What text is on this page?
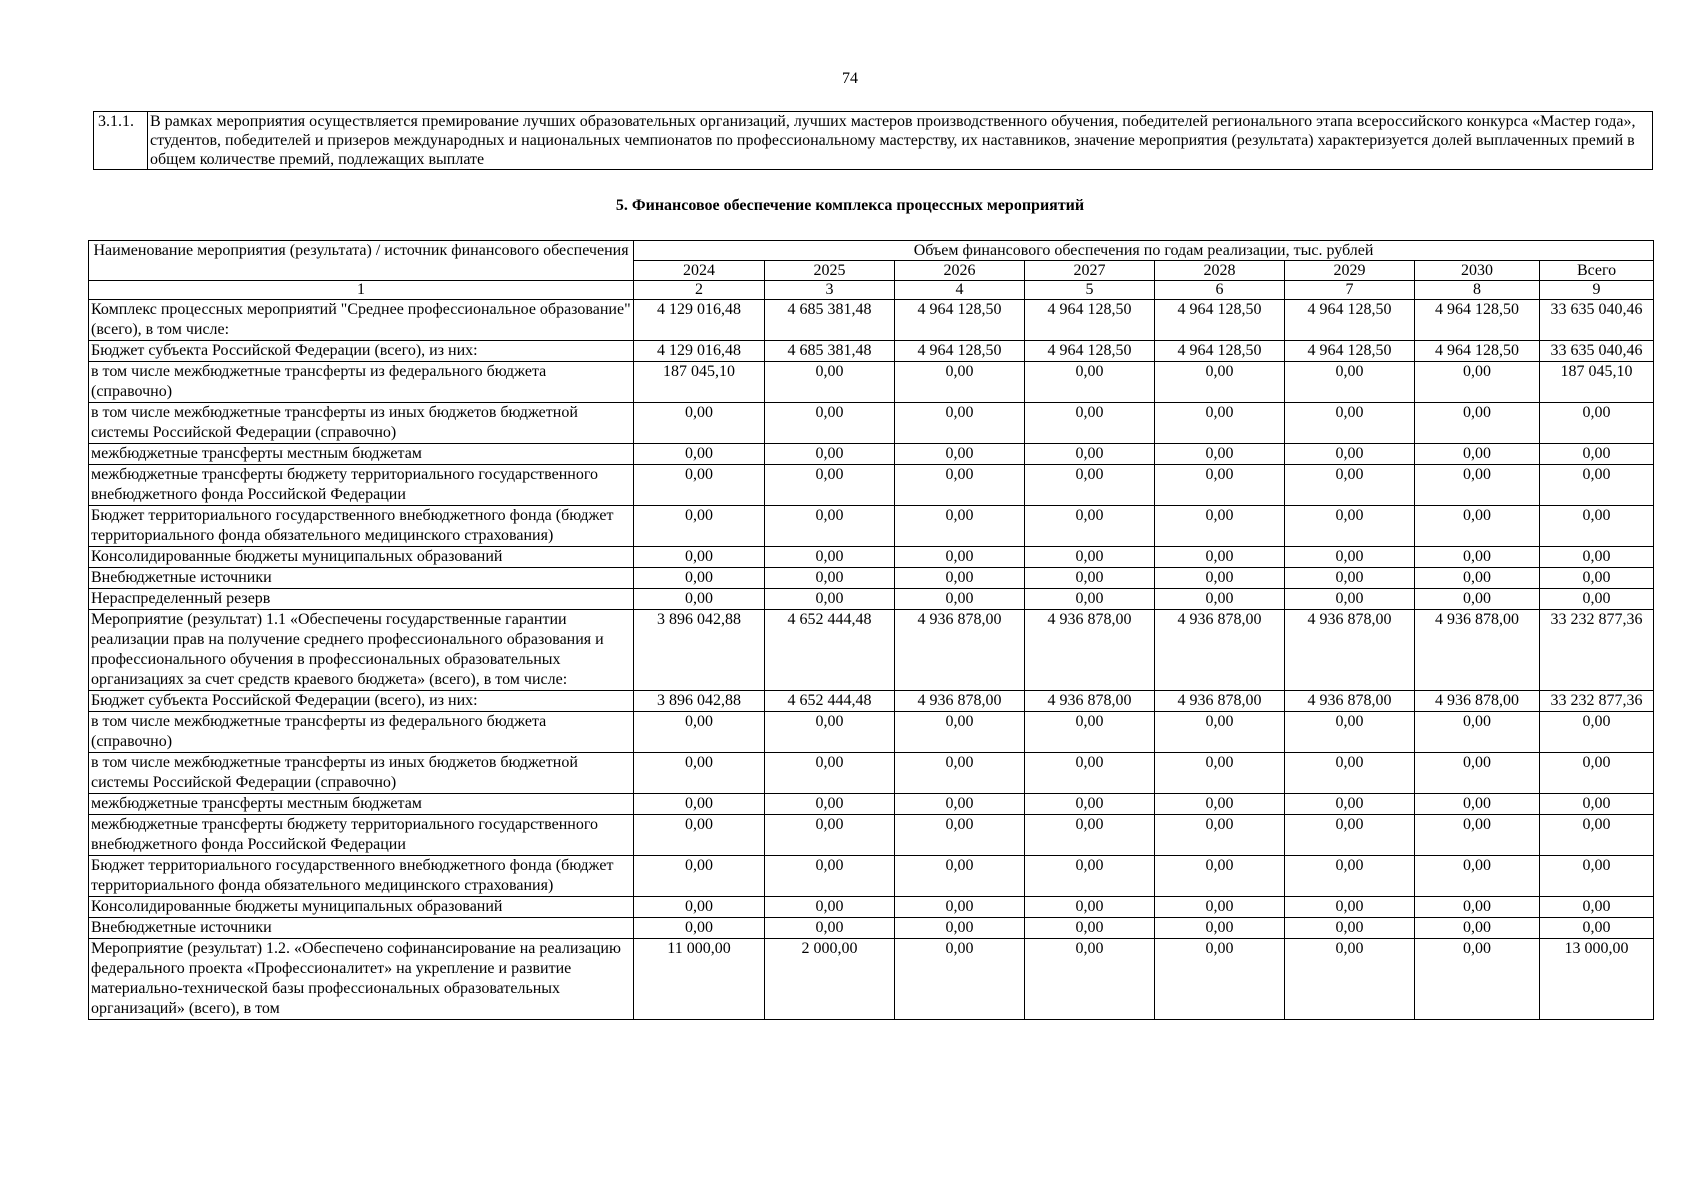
74
3.1.1.	В рамках мероприятия осуществляется премирование лучших образовательных организаций, лучших мастеров производственного обучения, победителей регионального этапа всероссийского конкурса «Мастер года», студентов, победителей и призеров международных и национальных чемпионатов по профессиональному мастерству, их наставников, значение мероприятия (результата) характеризуется долей выплаченных премий в общем количестве премий, подлежащих выплате
5. Финансовое обеспечение комплекса процессных мероприятий
Наименование мероприятия (результата) / источник финансового обеспечения	Объем финансового обеспечения по годам реализации, тыс. рублей							
	2024	2025	2026	2027	2028	2029	2030	Всего
1	2	3	4	5	6	7	8	9
Комплекс процессных мероприятий "Среднее профессиональное образование" (всего), в том числе:	4 129 016,48	4 685 381,48	4 964 128,50	4 964 128,50	4 964 128,50	4 964 128,50	4 964 128,50	33 635 040,46
Бюджет субъекта Российской Федерации (всего), из них:	4 129 016,48	4 685 381,48	4 964 128,50	4 964 128,50	4 964 128,50	4 964 128,50	4 964 128,50	33 635 040,46
в том числе межбюджетные трансферты из федерального бюджета (справочно)	187 045,10	0,00	0,00	0,00	0,00	0,00	0,00	187 045,10
в том числе межбюджетные трансферты из иных бюджетов бюджетной системы Российской Федерации (справочно)	0,00	0,00	0,00	0,00	0,00	0,00	0,00	0,00
межбюджетные трансферты местным бюджетам	0,00	0,00	0,00	0,00	0,00	0,00	0,00	0,00
межбюджетные трансферты бюджету территориального государственного внебюджетного фонда Российской Федерации	0,00	0,00	0,00	0,00	0,00	0,00	0,00	0,00
Бюджет территориального государственного внебюджетного фонда (бюджет территориального фонда обязательного медицинского страхования)	0,00	0,00	0,00	0,00	0,00	0,00	0,00	0,00
Консолидированные бюджеты муниципальных образований	0,00	0,00	0,00	0,00	0,00	0,00	0,00	0,00
Внебюджетные источники	0,00	0,00	0,00	0,00	0,00	0,00	0,00	0,00
Нераспределенный резерв	0,00	0,00	0,00	0,00	0,00	0,00	0,00	0,00
Мероприятие (результат) 1.1 «Обеспечены государственные гарантии реализации прав на получение среднего профессионального образования и профессионального обучения в профессиональных образовательных организациях за счет средств краевого бюджета» (всего), в том числе:	3 896 042,88	4 652 444,48	4 936 878,00	4 936 878,00	4 936 878,00	4 936 878,00	4 936 878,00	33 232 877,36
Бюджет субъекта Российской Федерации (всего), из них:	3 896 042,88	4 652 444,48	4 936 878,00	4 936 878,00	4 936 878,00	4 936 878,00	4 936 878,00	33 232 877,36
в том числе межбюджетные трансферты из федерального бюджета (справочно)	0,00	0,00	0,00	0,00	0,00	0,00	0,00	0,00
в том числе межбюджетные трансферты из иных бюджетов бюджетной системы Российской Федерации (справочно)	0,00	0,00	0,00	0,00	0,00	0,00	0,00	0,00
межбюджетные трансферты местным бюджетам	0,00	0,00	0,00	0,00	0,00	0,00	0,00	0,00
межбюджетные трансферты бюджету территориального государственного внебюджетного фонда Российской Федерации	0,00	0,00	0,00	0,00	0,00	0,00	0,00	0,00
Бюджет территориального государственного внебюджетного фонда (бюджет территориального фонда обязательного медицинского страхования)	0,00	0,00	0,00	0,00	0,00	0,00	0,00	0,00
Консолидированные бюджеты муниципальных образований	0,00	0,00	0,00	0,00	0,00	0,00	0,00	0,00
Внебюджетные источники	0,00	0,00	0,00	0,00	0,00	0,00	0,00	0,00
Мероприятие (результат) 1.2. «Обеспечено софинансирование на реализацию федерального проекта «Профессионалитет» на укрепление и развитие материально-технической базы профессиональных образовательных организаций» (всего), в том	11 000,00	2 000,00	0,00	0,00	0,00	0,00	0,00	13 000,00
